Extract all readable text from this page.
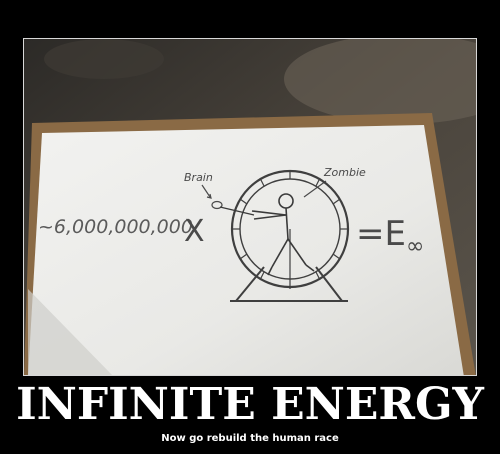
~6,000,000,000
X
Brain	Zombie
=E ∞
INFINITE ENERGY

Now go rebuild the human race
